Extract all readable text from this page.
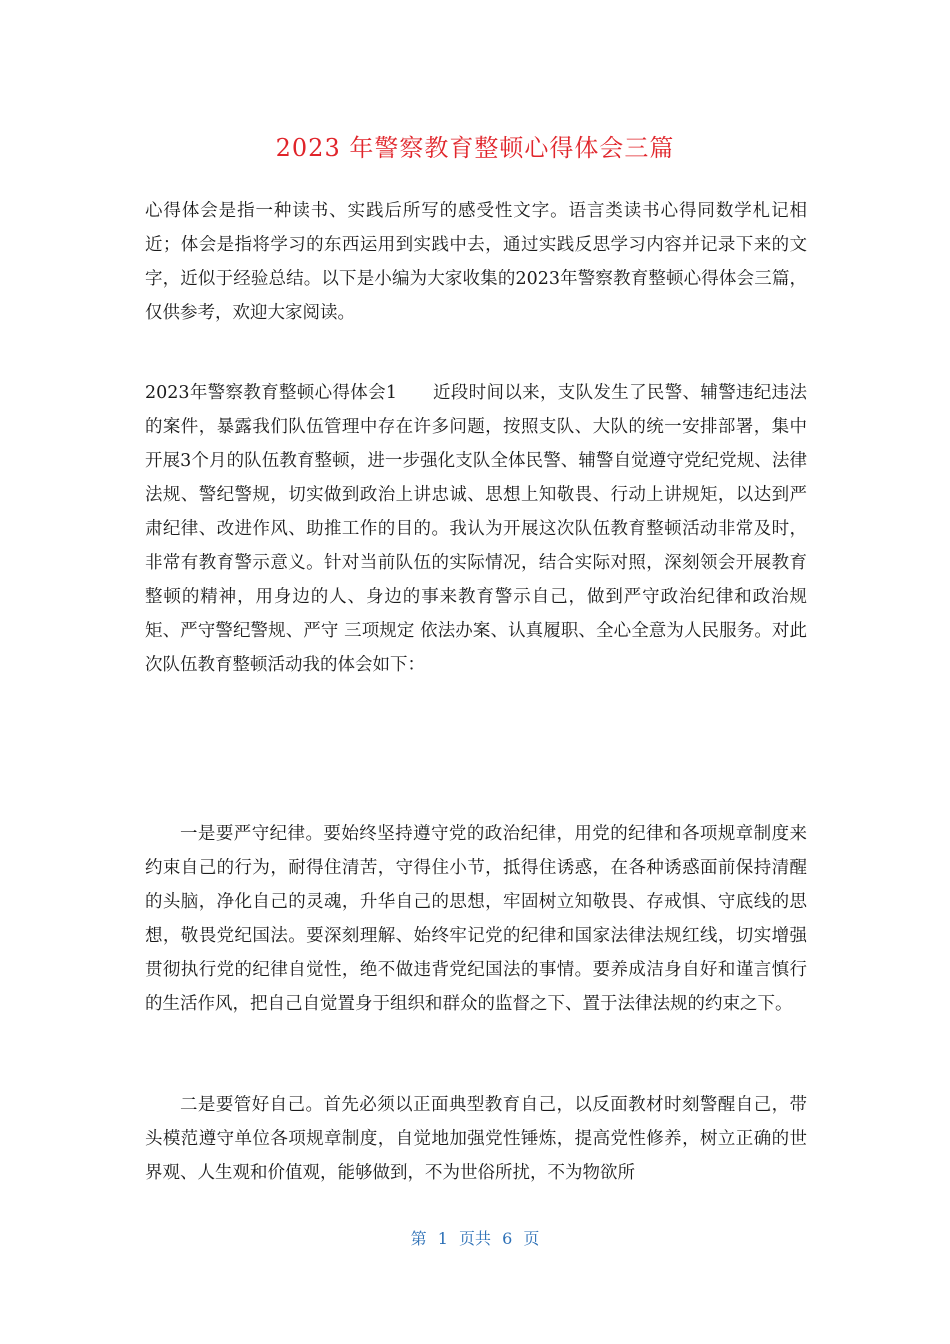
2023 年警察教育整顿心得体会三篇

心得体会是指一种读书、实践后所写的感受性文字。语言类读书心得同数学札记相近；体会是指将学习的东西运用到实践中去，通过实践反思学习内容并记录下来的文字，近似于经验总结。以下是小编为大家收集的2023年警察教育整顿心得体会三篇，仅供参考，欢迎大家阅读。

2023年警察教育整顿心得体会1　　近段时间以来，支队发生了民警、辅警违纪违法的案件，暴露我们队伍管理中存在许多问题，按照支队、大队的统一安排部署，集中开展3个月的队伍教育整顿，进一步强化支队全体民警、辅警自觉遵守党纪党规、法律法规、警纪警规，切实做到政治上讲忠诚、思想上知敬畏、行动上讲规矩，以达到严肃纪律、改进作风、助推工作的目的。我认为开展这次队伍教育整顿活动非常及时，非常有教育警示意义。针对当前队伍的实际情况，结合实际对照，深刻领会开展教育整顿的精神，用身边的人、身边的事来教育警示自己，做到严守政治纪律和政治规矩、严守警纪警规、严守 三项规定 依法办案、认真履职、全心全意为人民服务。对此次队伍教育整顿活动我的体会如下：

一是要严守纪律。要始终坚持遵守党的政治纪律，用党的纪律和各项规章制度来约束自己的行为，耐得住清苦，守得住小节，抵得住诱惑，在各种诱惑面前保持清醒的头脑，净化自己的灵魂，升华自己的思想，牢固树立知敬畏、存戒惧、守底线的思想，敬畏党纪国法。要深刻理解、始终牢记党的纪律和国家法律法规红线，切实增强贯彻执行党的纪律自觉性，绝不做违背党纪国法的事情。要养成洁身自好和谨言慎行的生活作风，把自己自觉置身于组织和群众的监督之下、置于法律法规的约束之下。

二是要管好自己。首先必须以正面典型教育自己，以反面教材时刻警醒自己，带头模范遵守单位各项规章制度，自觉地加强党性锤炼，提高党性修养，树立正确的世界观、人生观和价值观，能够做到，不为世俗所扰，不为物欲所

第 1 页共 6 页
